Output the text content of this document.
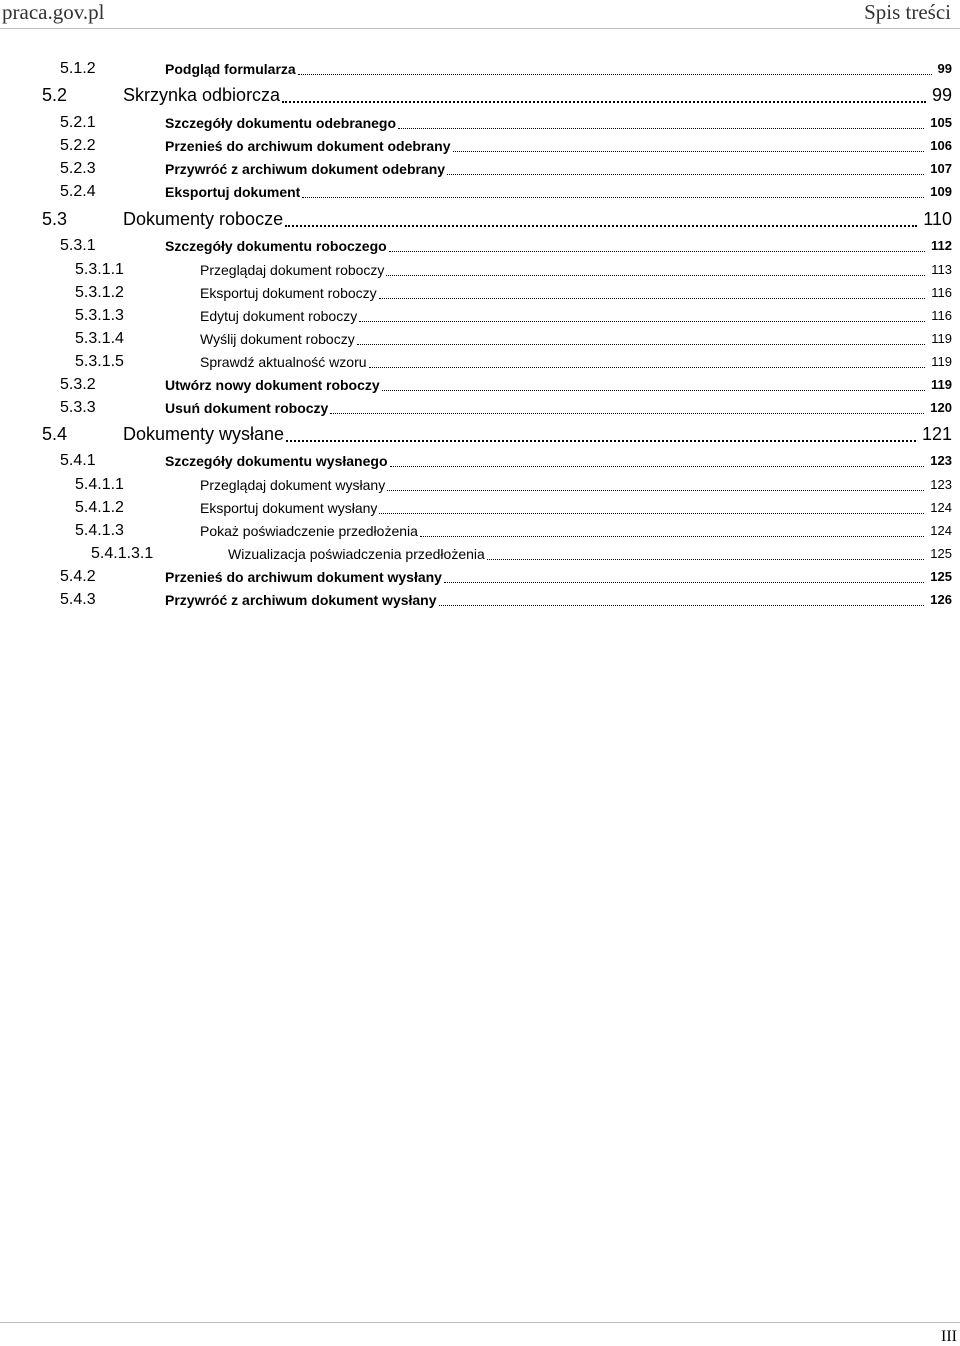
praca.gov.pl	Spis treści
5.1.2	Podgląd formularza	99
5.2	Skrzynka odbiorcza	99
5.2.1	Szczegóły dokumentu odebranego	105
5.2.2	Przenieś do archiwum dokument odebrany	106
5.2.3	Przywróć z archiwum dokument odebrany	107
5.2.4	Eksportuj dokument	109
5.3	Dokumenty robocze	110
5.3.1	Szczegóły dokumentu roboczego	112
5.3.1.1	Przeglądaj dokument roboczy	113
5.3.1.2	Eksportuj dokument roboczy	116
5.3.1.3	Edytuj dokument roboczy	116
5.3.1.4	Wyślij dokument roboczy	119
5.3.1.5	Sprawdź aktualność wzoru	119
5.3.2	Utwórz nowy dokument roboczy	119
5.3.3	Usuń dokument roboczy	120
5.4	Dokumenty wysłane	121
5.4.1	Szczegóły dokumentu wysłanego	123
5.4.1.1	Przeglądaj dokument wysłany	123
5.4.1.2	Eksportuj dokument wysłany	124
5.4.1.3	Pokaż poświadczenie przedłożenia	124
5.4.1.3.1	Wizualizacja poświadczenia przedłożenia	125
5.4.2	Przenieś do archiwum dokument wysłany	125
5.4.3	Przywróć z archiwum dokument wysłany	126
III
